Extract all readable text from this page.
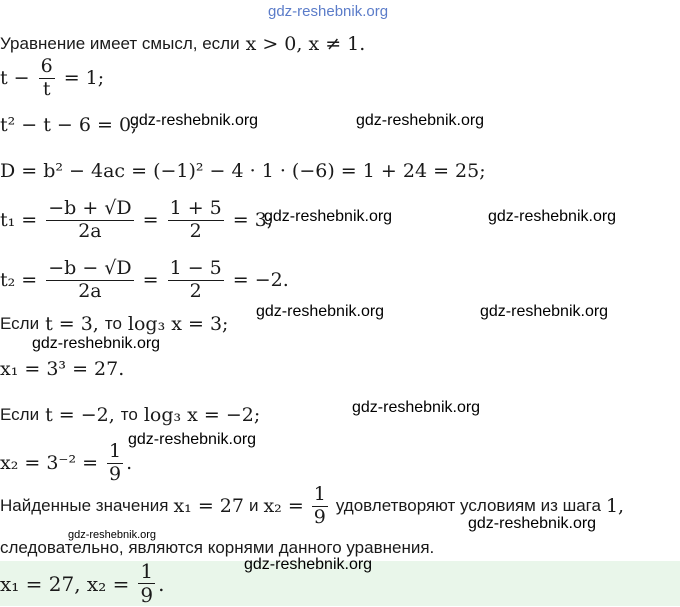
gdz-reshebnik.org
Уравнение имеет смысл, если x > 0, x ≠ 1.
$t - \frac{6}{t} = 1$;
t² − t − 6 = 0;
gdz-reshebnik.org	gdz-reshebnik.org
D = b² − 4ac = (−1)² − 4 · 1 · (−6) = 1 + 24 = 25;
$t_1 = \frac{-b + √D}{2a} = \frac{1 + 5}{2} = 3$;
gdz-reshebnik.org	gdz-reshebnik.org
$t_2 = \frac{-b - √D}{2a} = \frac{1 - 5}{2} = -2$.
Если t = 3, то log₃ x = 3;
gdz-reshebnik.org	gdz-reshebnik.org
gdz-reshebnik.org
x₁ = 3³ = 27.
Если t = −2, то log₃ x = −2;	gdz-reshebnik.org
gdz-reshebnik.org
$x_2 = 3^{-2} = \frac{1}{9}$ .
Найденные значения x₁ = 27 и $x_2 = \frac{1}{9}$ удовлетворяют условиям из шага 1,
gdz-reshebnik.org
gdz-reshebnik.org
следовательно, являются корнями данного уравнения.
gdz-reshebnik.org
x₁ = 27, $x_2 = \frac{1}{9}$ .
